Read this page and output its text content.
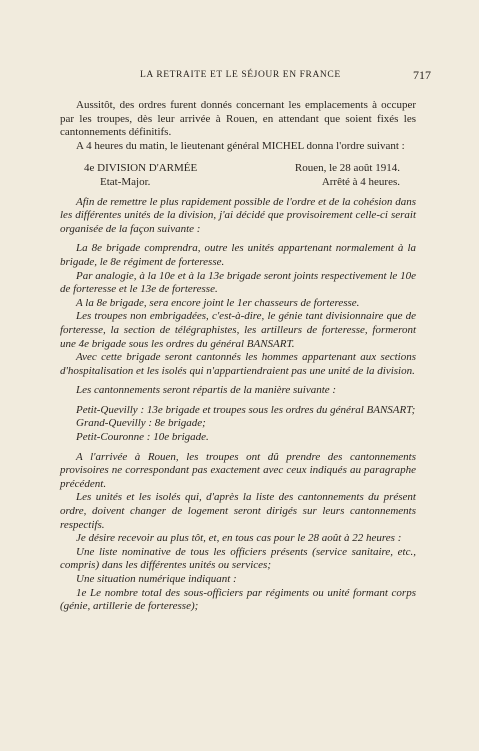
LA RETRAITE ET LE SÉJOUR EN FRANCE	717

Aussitôt, des ordres furent donnés concernant les emplacements à occuper par les troupes, dès leur arrivée à Rouen, en attendant que soient fixés les cantonnements définitifs.

A 4 heures du matin, le lieutenant général MICHEL donna l'ordre suivant :

4e DIVISION D'ARMÉE	Rouen, le 28 août 1914.
Etat-Major.	Arrêté à 4 heures.

Afin de remettre le plus rapidement possible de l'ordre et de la cohésion dans les différentes unités de la division, j'ai décidé que provisoirement celle-ci serait organisée de la façon suivante :

La 8e brigade comprendra, outre les unités appartenant normalement à la brigade, le 8e régiment de forteresse.

Par analogie, à la 10e et à la 13e brigade seront joints respectivement le 10e de forteresse et le 13e de forteresse.

A la 8e brigade, sera encore joint le 1er chasseurs de forteresse.

Les troupes non embrigadées, c'est-à-dire, le génie tant divisionnaire que de forteresse, la section de télégraphistes, les artilleurs de forteresse, formeront une 4e brigade sous les ordres du général BANSART.

Avec cette brigade seront cantonnés les hommes appartenant aux sections d'hospitalisation et les isolés qui n'appartiendraient pas une unité de la division.

Les cantonnements seront répartis de la manière suivante :

Petit-Quevilly : 13e brigade et troupes sous les ordres du général BANSART;

Grand-Quevilly : 8e brigade;

Petit-Couronne : 10e brigade.

A l'arrivée à Rouen, les troupes ont dû prendre des cantonnements provisoires ne correspondant pas exactement avec ceux indiqués au paragraphe précédent.

Les unités et les isolés qui, d'après la liste des cantonnements du présent ordre, doivent changer de logement seront dirigés sur leurs cantonnements respectifs.

Je désire recevoir au plus tôt, et, en tous cas pour le 28 août à 22 heures :

Une liste nominative de tous les officiers présents (service sanitaire, etc., compris) dans les différentes unités ou services;

Une situation numérique indiquant :

1e Le nombre total des sous-officiers par régiments ou unité formant corps (génie, artillerie de forteresse);
